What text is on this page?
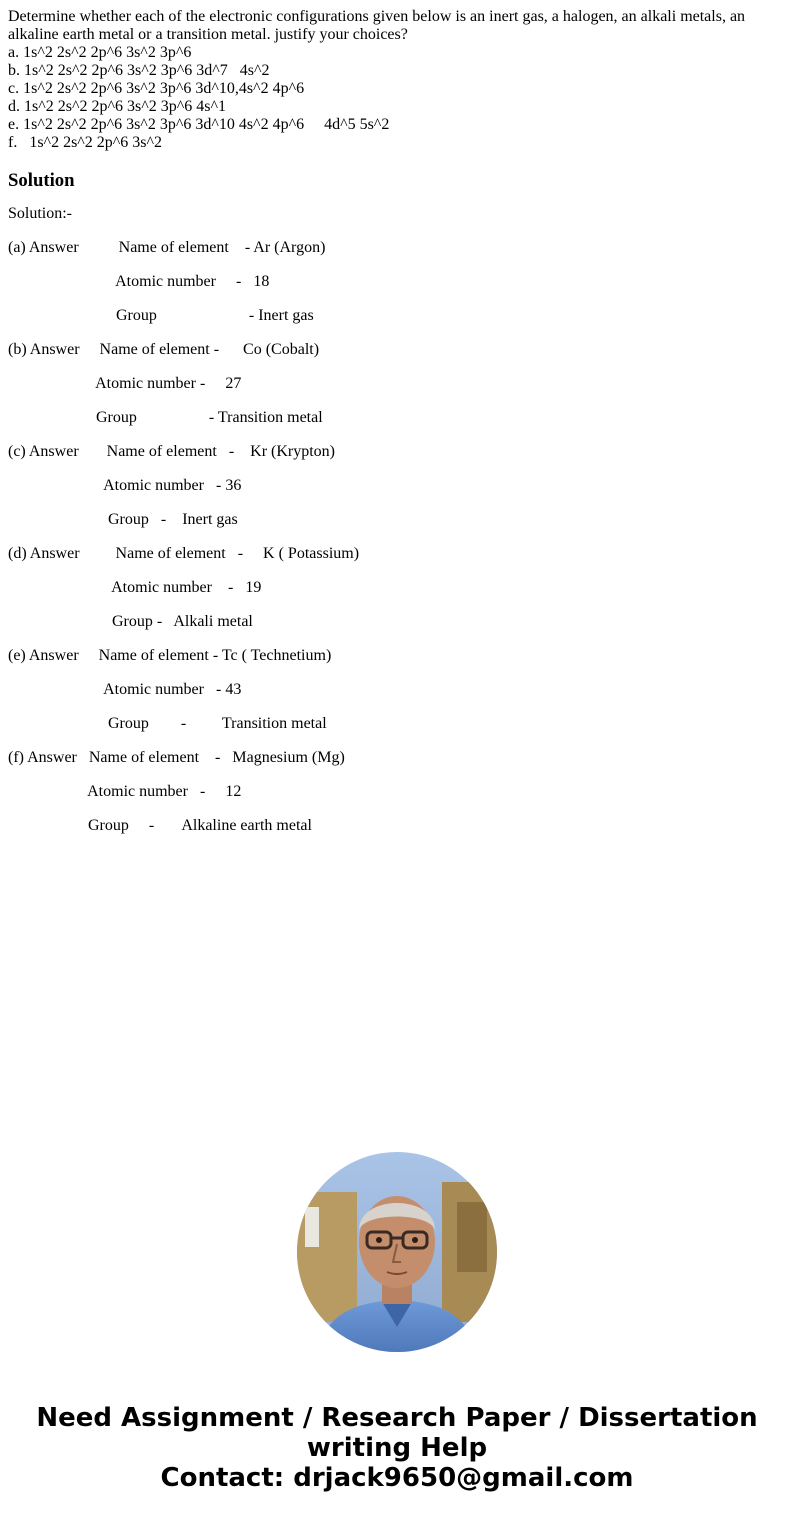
Determine whether each of the electronic configurations given below is an inert gas, a halogen, an alkali metals, an alkaline earth metal or a transition metal. justify your choices?

a. 1s^2 2s^2 2p^6 3s^2 3p^6

b. 1s^2 2s^2 2p^6 3s^2 3p^6 3d^7   4s^2

c. 1s^2 2s^2 2p^6 3s^2 3p^6 3d^10,4s^2 4p^6

d. 1s^2 2s^2 2p^6 3s^2 3p^6 4s^1

e. 1s^2 2s^2 2p^6 3s^2 3p^6 3d^10 4s^2 4p^6     4d^5 5s^2

f.   1s^2 2s^2 2p^6 3s^2

Solution

Solution:-

(a) Answer          Name of element    - Ar (Argon)

Atomic number     -   18

Group                       - Inert gas

(b) Answer     Name of element -      Co (Cobalt)

Atomic number -     27

Group                  - Transition metal

(c) Answer       Name of element   -    Kr (Krypton)

Atomic number   - 36

Group   -    Inert gas

(d) Answer         Name of element   -     K ( Potassium)

Atomic number    -   19

Group -   Alkali metal

(e) Answer     Name of element - Tc ( Technetium)

Atomic number   - 43

Group        -         Transition metal

(f) Answer   Name of element    -   Magnesium (Mg)

Atomic number   -     12

Group     -       Alkaline earth metal

Need Assignment / Research Paper / Dissertation
writing Help
Contact: drjack9650@gmail.com
